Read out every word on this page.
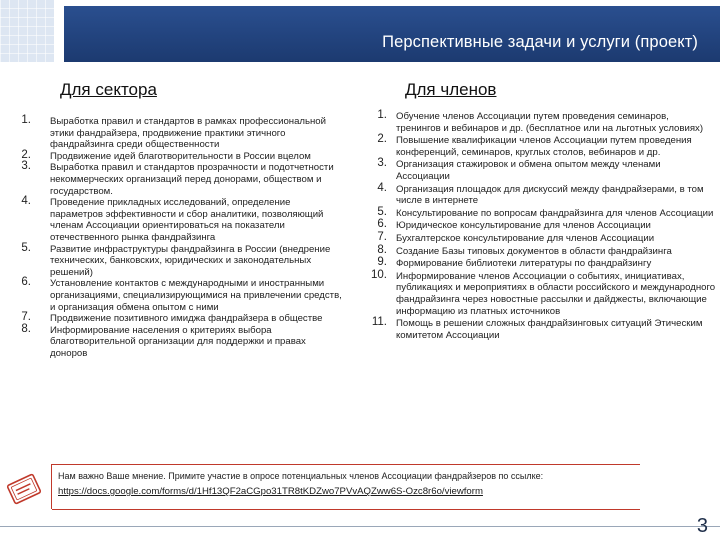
Перспективные задачи и услуги (проект)
Для сектора	Для членов
1. Выработка правил и стандартов в рамках профессиональной этики фандрайзера, продвижение практики этичного фандрайзинга среди общественности
2. Продвижение идей благотворительности в России вцелом
3. Выработка правил и стандартов прозрачности и подотчетности некоммерческих организаций перед донорами, обществом и государством.
4. Проведение прикладных исследований, определение параметров эффективности и сбор аналитики, позволяющий членам Ассоциации ориентироваться на показатели отечественного рынка фандрайзинга
5. Развитие инфраструктуры фандрайзинга в России (внедрение технических, банковских, юридических и законодательных решений)
6. Установление контактов с международными и иностранными организациями, специализирующимися на привлечении средств, и организация обмена опытом с ними
7. Продвижение позитивного имиджа фандрайзера в обществе
8. Информирование населения о критериях выбора благотворительной организации для поддержки и правах доноров
1. Обучение членов Ассоциации путем проведения семинаров, тренингов и вебинаров и др. (бесплатное или на льготных условиях)
2. Повышение квалификации членов Ассоциации путем проведения конференций, семинаров, круглых столов, вебинаров и др.
3. Организация стажировок и обмена опытом между членами Ассоциации
4. Организация площадок для дискуссий между фандрайзерами, в том числе в интернете
5. Консультирование по вопросам фандрайзинга для членов Ассоциации
6. Юридическое консультирование для членов Ассоциации
7. Бухгалтерское консультирование для членов Ассоциации
8. Создание Базы типовых документов в области фандрайзинга
9. Формирование библиотеки литературы по фандрайзингу
10. Информирование членов Ассоциации о событиях, инициативах, публикациях и мероприятиях в области российского и международного фандрайзинга через новостные рассылки и дайджесты, включающие информацию из платных источников
11. Помощь в решении сложных фандрайзинговых ситуаций Этическим комитетом Ассоциации
Нам важно Ваше мнение. Примите участие в опросе потенциальных членов Ассоциации фандрайзеров по ссылке:
https://docs.google.com/forms/d/1Hf13QF2aCGpo31TR8tKDZwo7PVvAQZww6S-Ozc8r6o/viewform
3
